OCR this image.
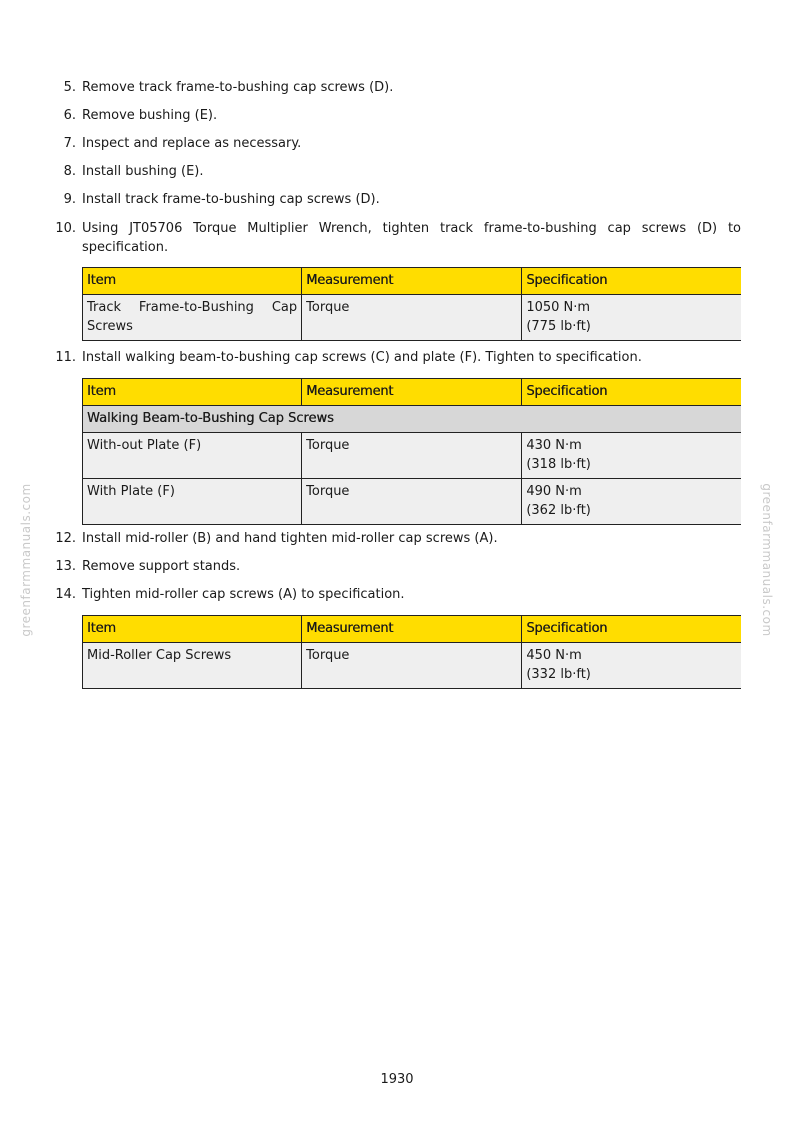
5. Remove track frame-to-bushing cap screws (D).
6. Remove bushing (E).
7. Inspect and replace as necessary.
8. Install bushing (E).
9. Install track frame-to-bushing cap screws (D).
10. Using JT05706 Torque Multiplier Wrench, tighten track frame-to-bushing cap screws (D) to specification.
Item	Measurement	Specification
Track Frame-to-Bushing Cap Screws	Torque	1050 N·m
(775 lb·ft)
11. Install walking beam-to-bushing cap screws (C) and plate (F). Tighten to specification.
Item	Measurement	Specification
Walking Beam-to-Bushing Cap Screws		
With-out Plate (F)	Torque	430 N·m
(318 lb·ft)

With Plate (F)	Torque	490 N·m
(362 lb·ft)
12. Install mid-roller (B) and hand tighten mid-roller cap screws (A).
13. Remove support stands.
14. Tighten mid-roller cap screws (A) to specification.
Item	Measurement	Specification
Mid-Roller Cap Screws	Torque	450 N·m
(332 lb·ft)
greenfarmmanuals.com	greenfarmmanuals.com
1930
